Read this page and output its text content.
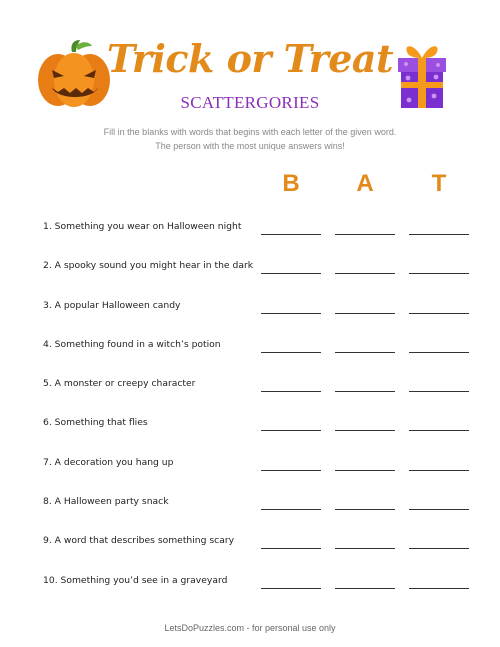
Trick or Treat
SCATTERGORIES
Fill in the blanks with words that begins with each letter of the given word.
The person with the most unique answers wins!
B	A	T
1. Something you wear on Halloween night
2. A spooky sound you might hear in the dark
3. A popular Halloween candy
4. Something found in a witch’s potion
5. A monster or creepy character
6. Something that flies
7. A decoration you hang up
8. A Halloween party snack
9. A word that describes something scary
10. Something you’d see in a graveyard
LetsDoPuzzles.com - for personal use only
